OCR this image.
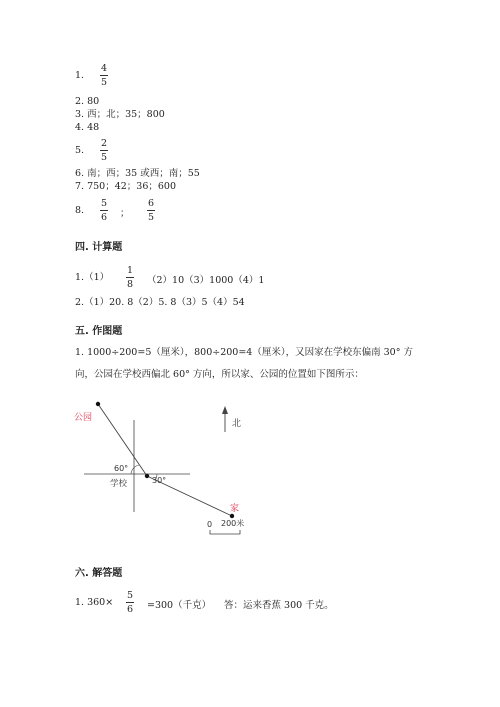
1.
4
5
2. 80
3. 西；北；35；800
4. 48
5.
2
5
6. 南；西；35 或西；南；55
7. 750；42；36；600
8.
5
6 ；
6
5
四. 计算题
1.（1）
1
8 （2）10（3）1000（4）1
2.（1）20. 8（2）5. 8（3）5（4）54
五. 作图题
1. 1000÷200=5（厘米），800÷200=4（厘米），又因家在学校东偏南 30° 方
向，公园在学校西偏北 60° 方向，所以家、公园的位置如下图所示：
公园
北
60°
30°
学校
家
0 200米
六. 解答题
1. 360×
5
6 =300（千克） 答：运来香蕉 300 千克。
